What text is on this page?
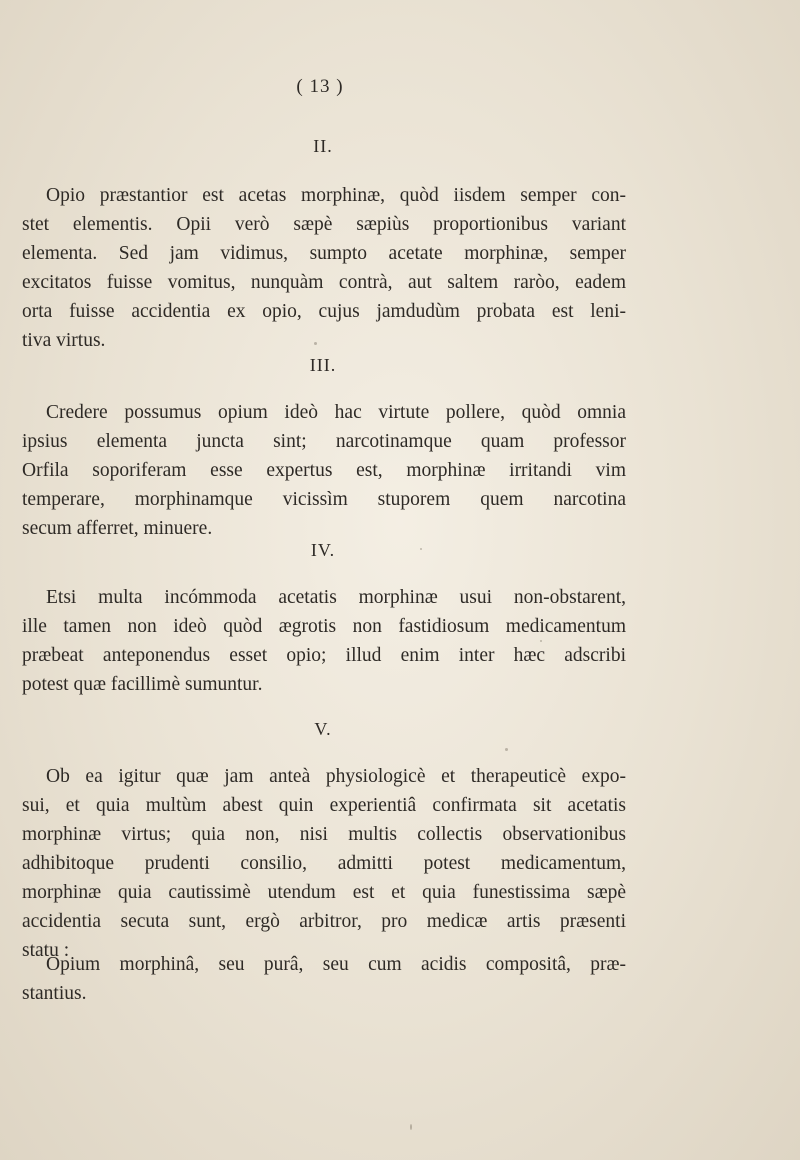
( 13 )
II.
Opio præstantior est acetas morphinæ, quòd iisdem semper con-
stet elementis. Opii verò sæpè sæpiùs proportionibus variant
elementa. Sed jam vidimus, sumpto acetate morphinæ, semper
excitatos fuisse vomitus, nunquàm contrà, aut saltem raròo, eadem
orta fuisse accidentia ex opio, cujus jamdudùm probata est leni-
tiva virtus.
III.
Credere possumus opium ideò hac virtute pollere, quòd omnia
ipsius elementa juncta sint; narcotinamque quam professor
Orfila soporiferam esse expertus est, morphinæ irritandi vim
temperare, morphinamque vicissìm stuporem quem narcotina
secum afferret, minuere.
IV.
Etsi multa incómmoda acetatis morphinæ usui non-obstarent,
ille tamen non ideò quòd ægrotis non fastidiosum medicamentum
præbeat anteponendus esset opio; illud enim inter hæc adscribi
potest quæ facillimè sumuntur.
V.
Ob ea igitur quæ jam anteà physiologicè et therapeuticè expo-
sui, et quia multùm abest quin experientiâ confirmata sit acetatis
morphinæ virtus; quia non, nisi multis collectis observationibus
adhibitoque prudenti consilio, admitti potest medicamentum,
morphinæ quia cautissimè utendum est et quia funestissima sæpè
accidentia secuta sunt, ergò arbitror, pro medicæ artis præsenti
statu :
Opium morphinâ, seu purâ, seu cum acidis compositâ, præ-
stantius.
